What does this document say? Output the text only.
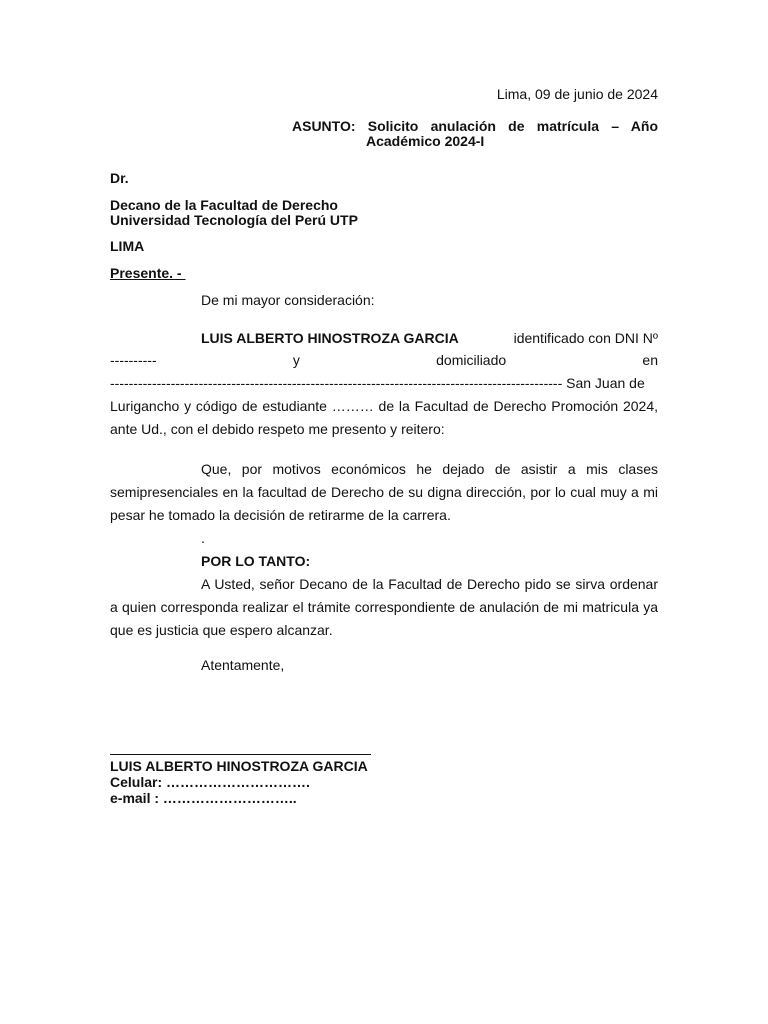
Lima, 09 de junio de 2024
ASUNTO:  Solicito  anulación  de  matrícula  –  Año
Académico 2024-I
Dr.
Decano de la Facultad de Derecho
Universidad Tecnología del Perú UTP
LIMA
Presente. -
De mi mayor consideración:
LUIS ALBERTO HINOSTROZA GARCIA	identificado con DNI Nº
----------	y	domiciliado	en
------------------------------------------------------------------------------------------------- San Juan de
Lurigancho y código de estudiante ……… de la Facultad de Derecho Promoción 2024,
ante Ud., con el debido respeto me presento y reitero:
Que, por motivos económicos he dejado de asistir a mis clases semipresenciales en la facultad de Derecho de su digna dirección, por lo cual muy a mi pesar he tomado la decisión de retirarme de la carrera.
.
POR LO TANTO:
A Usted, señor Decano de la Facultad de Derecho pido se sirva ordenar a quien corresponda realizar el trámite correspondiente de anulación de mi matricula ya que es justicia que espero alcanzar.
Atentamente,
LUIS ALBERTO HINOSTROZA GARCIA
Celular: ………………………….
e-mail : ………………………..
